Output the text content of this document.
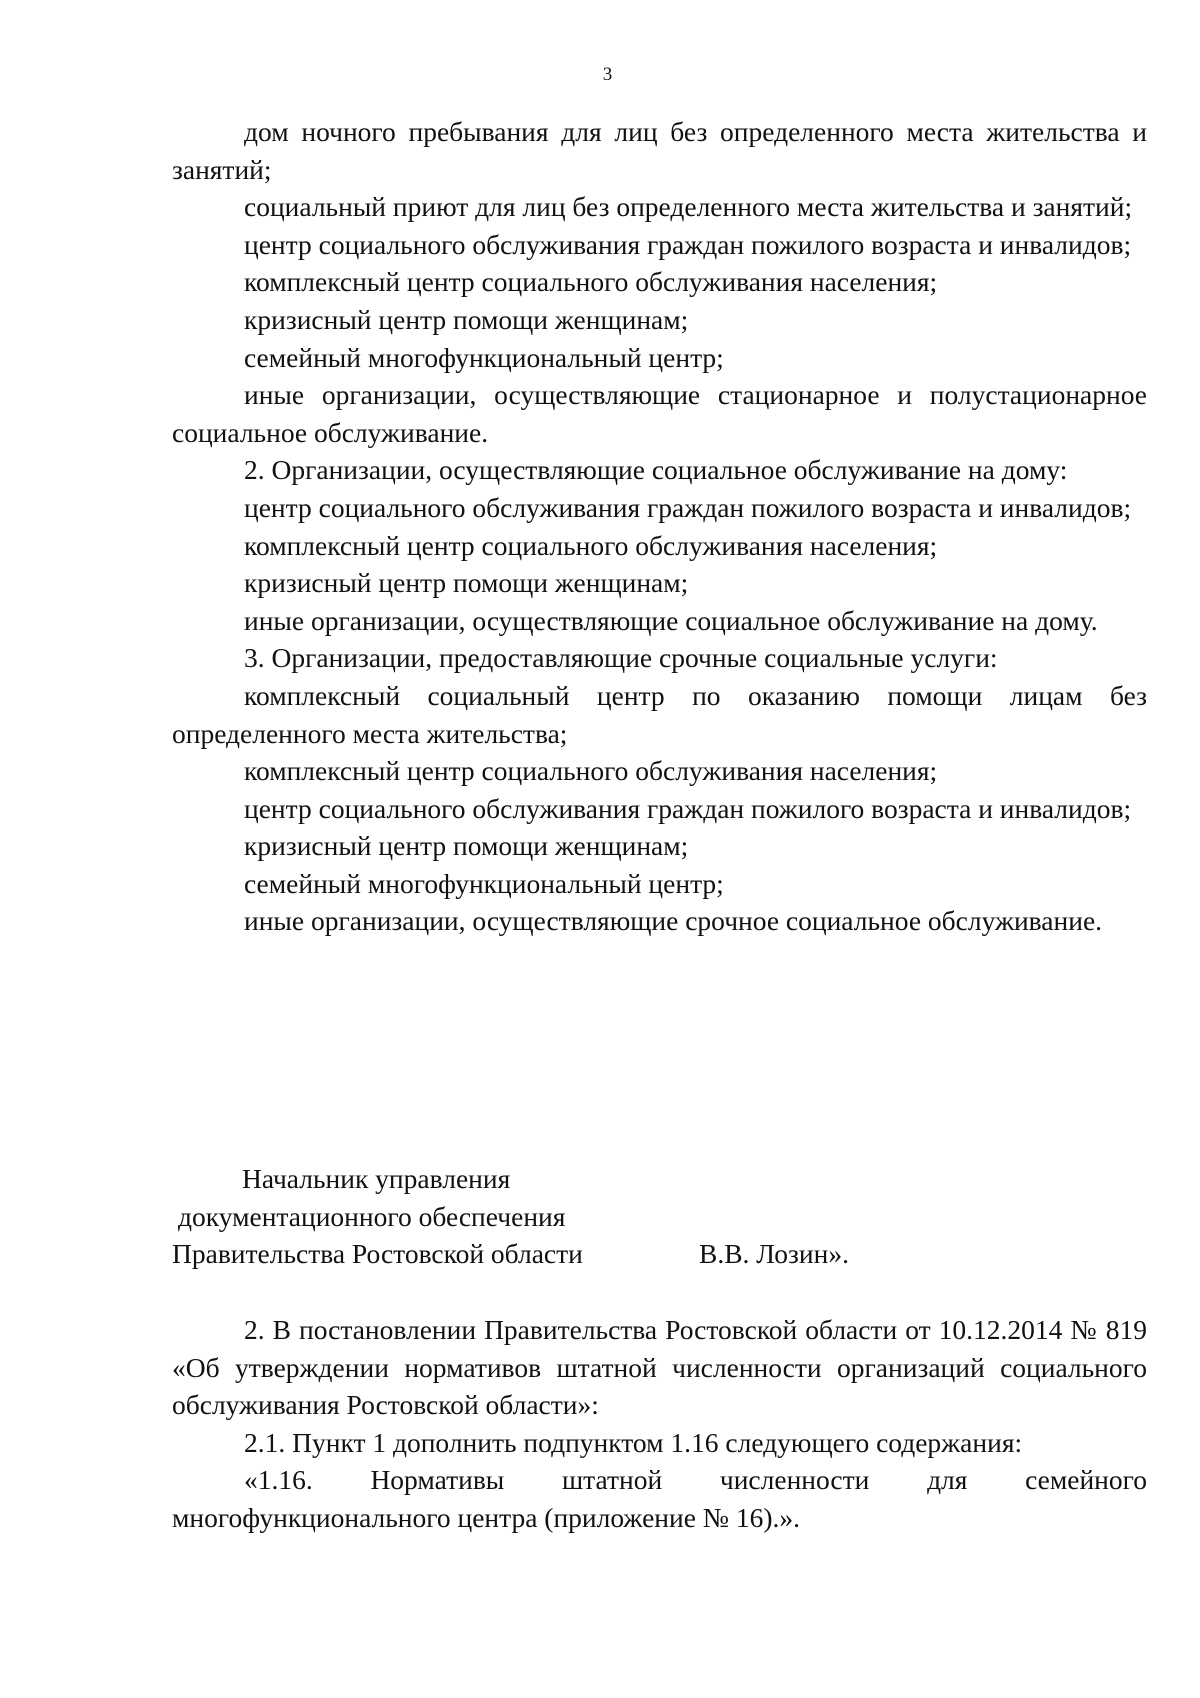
3

дом ночного пребывания для лиц без определенного места жительства и занятий;

социальный приют для лиц без определенного места жительства и занятий;

центр социального обслуживания граждан пожилого возраста и инвалидов;

комплексный центр социального обслуживания населения;

кризисный центр помощи женщинам;

семейный многофункциональный центр;

иные организации, осуществляющие стационарное и полустационарное социальное обслуживание.

2. Организации, осуществляющие социальное обслуживание на дому:

центр социального обслуживания граждан пожилого возраста и инвалидов;

комплексный центр социального обслуживания населения;

кризисный центр помощи женщинам;

иные организации, осуществляющие социальное обслуживание на дому.

3. Организации, предоставляющие срочные социальные услуги:

комплексный социальный центр по оказанию помощи лицам без определенного места жительства;

комплексный центр социального обслуживания населения;

центр социального обслуживания граждан пожилого возраста и инвалидов;

кризисный центр помощи женщинам;

семейный многофункциональный центр;

иные организации, осуществляющие срочное социальное обслуживание.

Начальник управления
документационного обеспечения
Правительства Ростовской области	В.В. Лозин».

2. В постановлении Правительства Ростовской области от 10.12.2014 № 819 «Об утверждении нормативов штатной численности организаций социального обслуживания Ростовской области»:

2.1. Пункт 1 дополнить подпунктом 1.16 следующего содержания:

«1.16. Нормативы штатной численности для семейного многофункционального центра (приложение № 16).».
